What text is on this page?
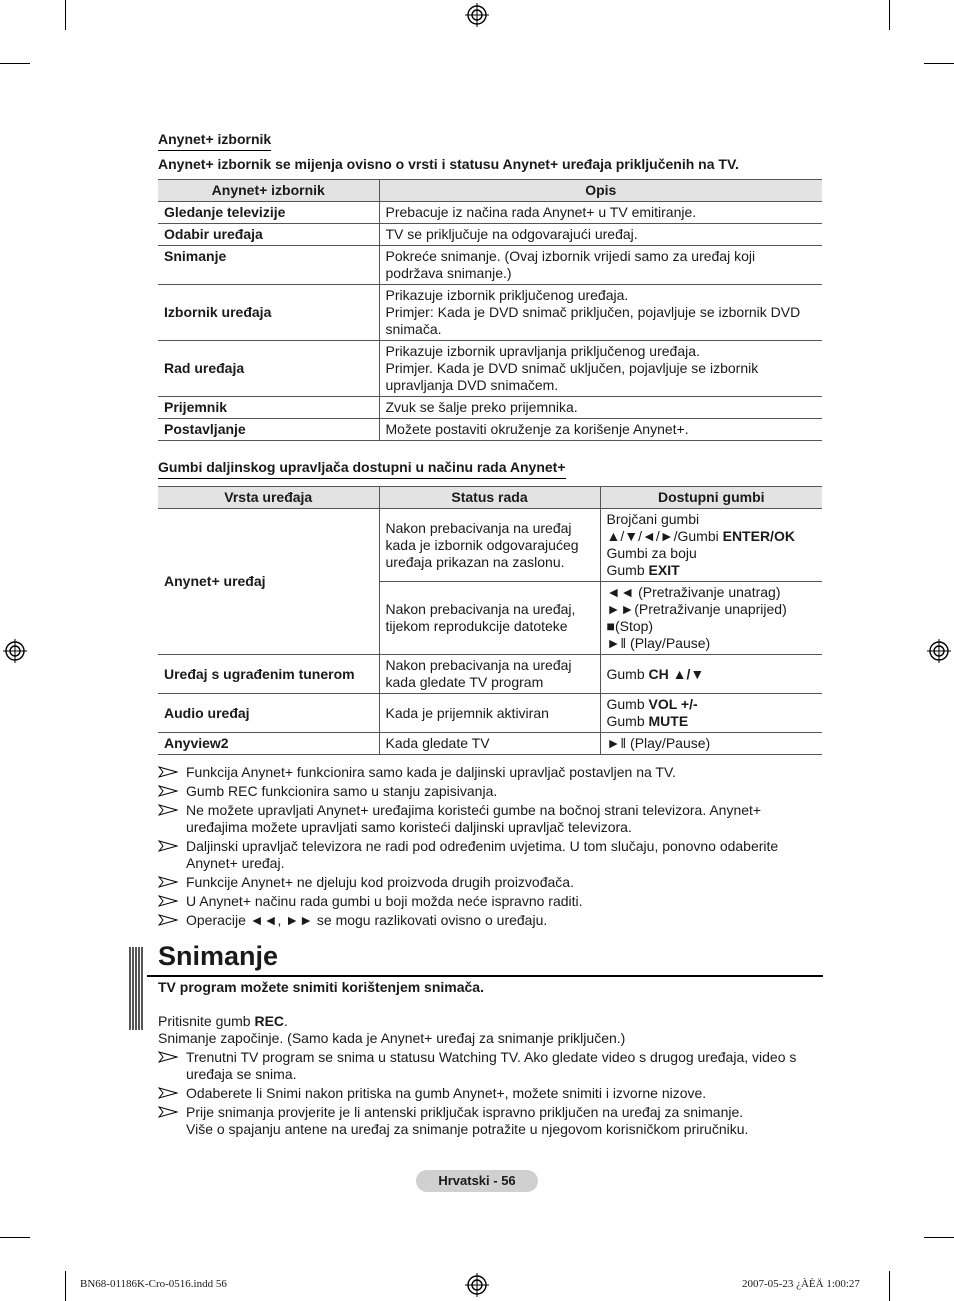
Anynet+ izbornik
Anynet+ izbornik se mijenja ovisno o vrsti i statusu Anynet+ uređaja priključenih na TV.
Anynet+ izbornik	Opis
Gledanje televizije	Prebacuje iz načina rada Anynet+ u TV emitiranje.
Odabir uređaja	TV se priključuje na odgovarajući uređaj.
Snimanje	Pokreće snimanje. (Ovaj izbornik vrijedi samo za uređaj koji podržava snimanje.)
Izbornik uređaja	Prikazuje izbornik priključenog uređaja.
Primjer: Kada je DVD snimač priključen, pojavljuje se izbornik DVD snimača.

Rad uređaja	Prikazuje izbornik upravljanja priključenog uređaja.
Primjer. Kada je DVD snimač uključen, pojavljuje se izbornik upravljanja DVD snimačem.

Prijemnik	Zvuk se šalje preko prijemnika.
Postavljanje	Možete postaviti okruženje za korišenje Anynet+.
Gumbi daljinskog upravljača dostupni u načinu rada Anynet+
Vrsta uređaja	Status rada	Dostupni gumbi
Anynet+ uređaj	Nakon prebacivanja na uređaj kada je izbornik odgovarajućeg uređaja prikazan na zaslonu.	Brojčani gumbi
▲/▼/◄/►/Gumbi ENTER/OK
Gumbi za boju
Gumb EXIT

	Nakon prebacivanja na uređaj, tijekom reprodukcije datoteke	◄◄ (Pretraživanje unatrag)
►►(Pretraživanje unaprijed)
■(Stop)
►‖ (Play/Pause)

Uređaj s ugrađenim tunerom	Nakon prebacivanja na uređaj kada gledate TV program	Gumb CH ▲/▼
Audio uređaj	Kada je prijemnik aktiviran	Gumb VOL +/-
Gumb MUTE

Anyview2	Kada gledate TV	►‖ (Play/Pause)
Funkcija Anynet+ funkcionira samo kada je daljinski upravljač postavljen na TV.
Gumb REC funkcionira samo u stanju zapisivanja.
Ne možete upravljati Anynet+ uređajima koristeći gumbe na bočnoj strani televizora. Anynet+ uređajima možete upravljati samo koristeći daljinski upravljač televizora.
Daljinski upravljač televizora ne radi pod određenim uvjetima. U tom slučaju, ponovno odaberite Anynet+ uređaj.
Funkcije Anynet+ ne djeluju kod proizvoda drugih proizvođača.
U Anynet+ načinu rada gumbi u boji možda neće ispravno raditi.
Operacije ◄◄, ►► se mogu razlikovati ovisno o uređaju.
Snimanje
TV program možete snimiti korištenjem snimača.
Pritisnite gumb REC.
Snimanje započinje. (Samo kada je Anynet+ uređaj za snimanje priključen.)
Trenutni TV program se snima u statusu Watching TV. Ako gledate video s drugog uređaja, video s uređaja se snima.
Odaberete li Snimi nakon pritiska na gumb Anynet+, možete snimiti i izvorne nizove.
Prije snimanja provjerite je li antenski priključak ispravno priključen na uređaj za snimanje.
Više o spajanju antene na uređaj za snimanje potražite u njegovom korisničkom priručniku.
Hrvatski - 56
BN68-01186K-Cro-0516.indd 56	2007-05-23 ¿ÀÈÄ 1:00:27
